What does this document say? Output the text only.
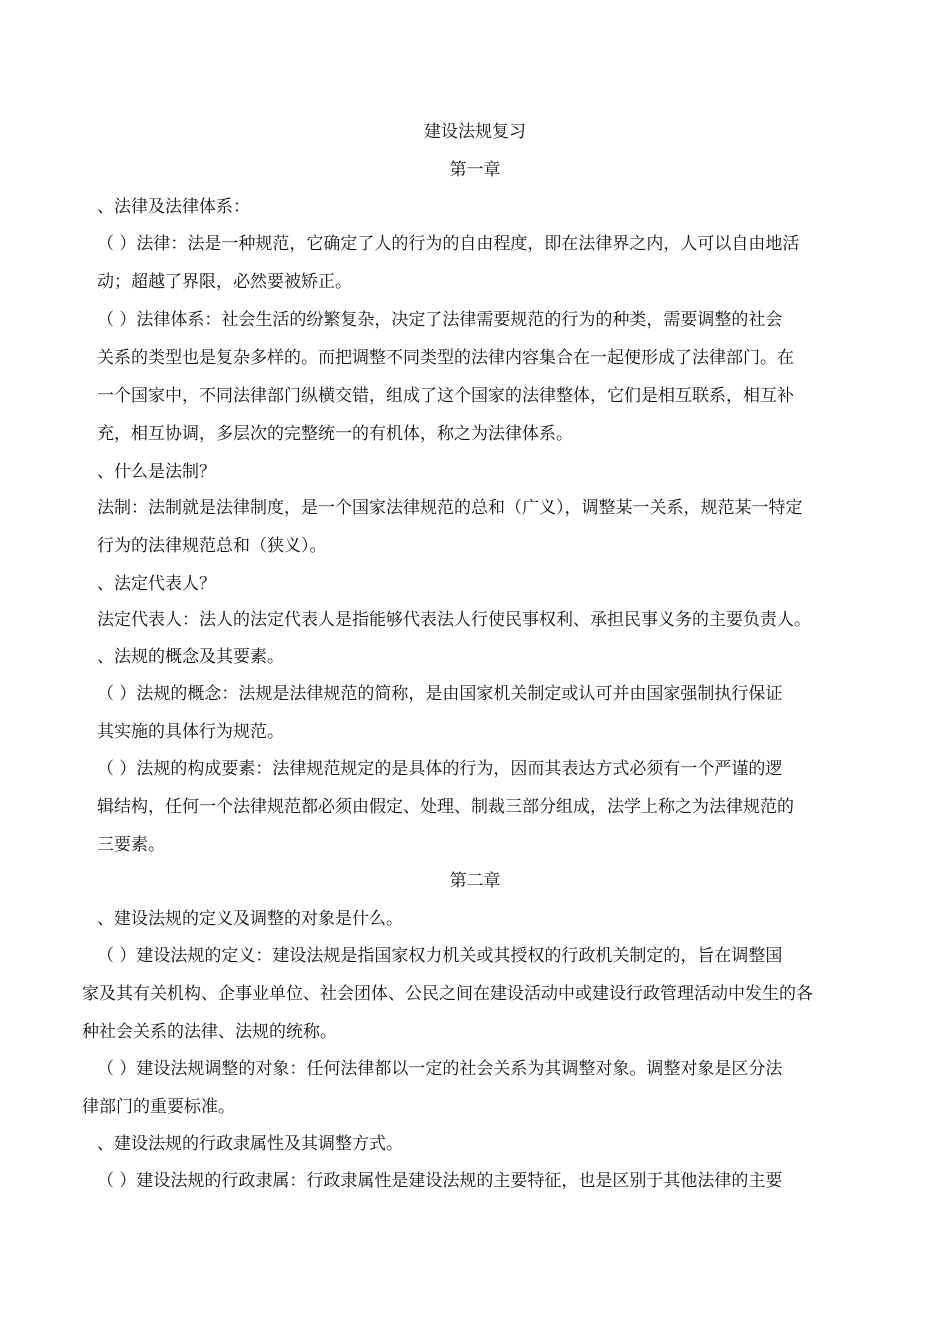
建设法规复习

第一章

、法律及法律体系：

（ ）法律：法是一种规范，它确定了人的行为的自由程度，即在法律界之内，人可以自由地活

动；超越了界限，必然要被矫正。

（ ）法律体系：社会生活的纷繁复杂，决定了法律需要规范的行为的种类，需要调整的社会

关系的类型也是复杂多样的。而把调整不同类型的法律内容集合在一起便形成了法律部门。在

一个国家中，不同法律部门纵横交错，组成了这个国家的法律整体，它们是相互联系，相互补

充，相互协调，多层次的完整统一的有机体，称之为法律体系。

、什么是法制？

法制：法制就是法律制度，是一个国家法律规范的总和（广义），调整某一关系，规范某一特定

行为的法律规范总和（狭义）。

、法定代表人？

法定代表人：法人的法定代表人是指能够代表法人行使民事权利、承担民事义务的主要负责人。

、法规的概念及其要素。

（ ）法规的概念：法规是法律规范的简称，是由国家机关制定或认可并由国家强制执行保证

其实施的具体行为规范。

（ ）法规的构成要素：法律规范规定的是具体的行为，因而其表达方式必须有一个严谨的逻

辑结构，任何一个法律规范都必须由假定、处理、制裁三部分组成，法学上称之为法律规范的

三要素。

第二章

、建设法规的定义及调整的对象是什么。

（ ）建设法规的定义：建设法规是指国家权力机关或其授权的行政机关制定的，旨在调整国

家及其有关机构、企事业单位、社会团体、公民之间在建设活动中或建设行政管理活动中发生的各

种社会关系的法律、法规的统称。

（ ）建设法规调整的对象：任何法律都以一定的社会关系为其调整对象。调整对象是区分法

律部门的重要标准。

、建设法规的行政隶属性及其调整方式。

（ ）建设法规的行政隶属：行政隶属性是建设法规的主要特征，也是区别于其他法律的主要
